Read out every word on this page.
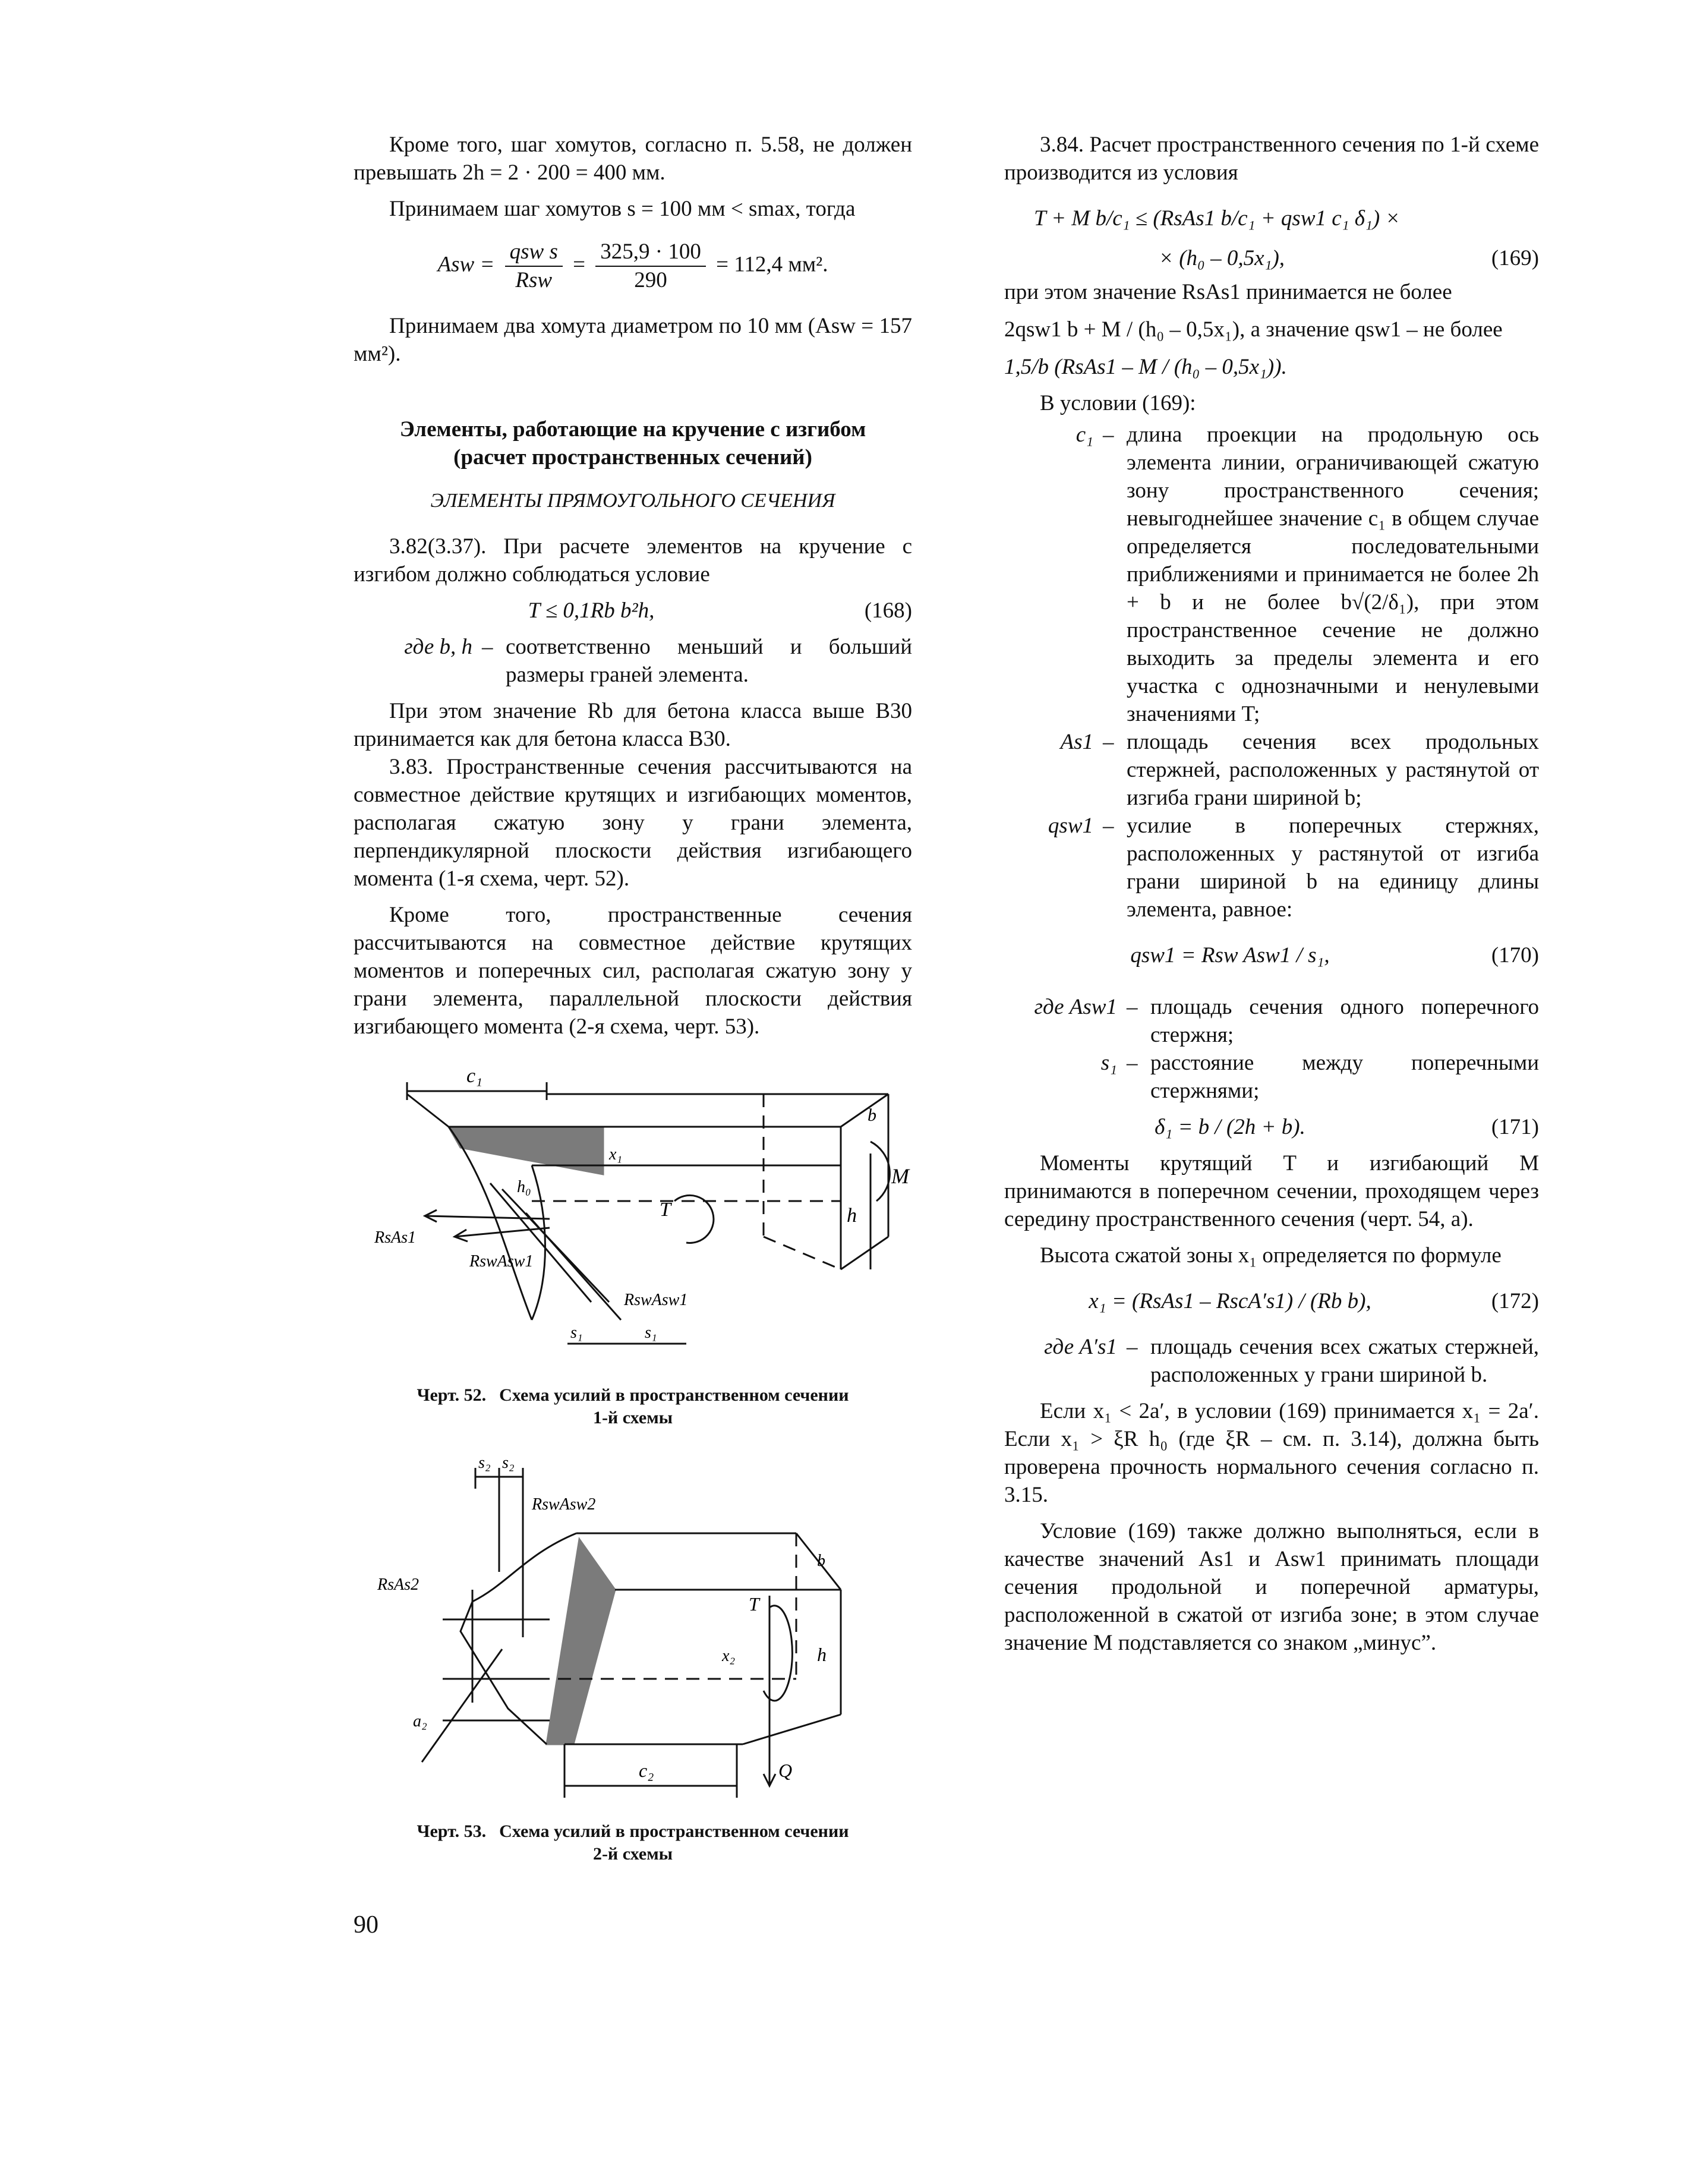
Кроме того, шаг хомутов, согласно п. 5.58, не должен превышать 2h = 2 · 200 = 400 мм.

Принимаем шаг хомутов s = 100 мм < smax, тогда

Asw = $\frac{\text{qsw s}}{\text{Rsw}} = \frac{325,9 \cdot 100}{290} = 112,4$ мм².

Принимаем два хомута диаметром по 10 мм (Asw = 157 мм²).

Элементы, работающие на кручение с изгибом

(расчет пространственных сечений)

ЭЛЕМЕНТЫ ПРЯМОУГОЛЬНОГО СЕЧЕНИЯ

3.82(3.37). При расчете элементов на кручение с изгибом должно соблюдаться условие

T ≤ 0,1Rb b²h,	(168)
где b, h – соответственно меньший и больший размеры граней элемента.

При этом значение Rb для бетона класса выше В30 принимается как для бетона класса В30.

3.83. Пространственные сечения рассчитываются на совместное действие крутящих и изгибающих моментов, располагая сжатую зону у грани элемента, перпендикулярной плоскости действия изгибающего момента (1-я схема, черт. 52).

Кроме того, пространственные сечения рассчитываются на совместное действие крутящих моментов и поперечных сил, располагая сжатую зону у грани элемента, параллельной плоскости действия изгибающего момента (2-я схема, черт. 53).

c₁
b
h₀
x₁
T
M
h
RsAs1
RswAsw1
RswAsw1
s₁	s₁
Черт. 52. Схема усилий в пространственном сечении
1-й схемы
s₂ s₂
RswAsw2
RsAs2
b
T
h
x₂
a₂
c₂	Q
Черт. 53. Схема усилий в пространственном сечении
2-й схемы

3.84. Расчет пространственного сечения по 1-й схеме производится из условия

T + M b/c₁ ≤ (RsAs1 b/c₁ + qsw1 c₁ δ₁) ×
× (h₀ – 0,5x₁),	(169)

при этом значение RsAs1 принимается не более

2qsw1 b + M / (h₀ – 0,5x₁), а значение qsw1 – не более

1,5/b (RsAs1 – M / (h₀ – 0,5x₁)).

В условии (169):

c₁ – длина проекции на продольную ось элемента линии, ограничивающей сжатую зону пространственного сечения; невыгоднейшее значение c₁ в общем случае определяется последовательными приближениями и принимается не более 2h + b и не более b√(2/δ₁), при этом пространственное сечение не должно выходить за пределы элемента и его участка с однозначными и ненулевыми значениями T;
As1 – площадь сечения всех продольных стержней, расположенных у растянутой от изгиба грани шириной b;
qsw1 – усилие в поперечных стержнях, расположенных у растянутой от изгиба грани шириной b на единицу длины элемента, равное:
qsw1 = Rsw Asw1 / s₁,	(170)
где Asw1 – площадь сечения одного поперечного стержня;
s₁ – расстояние между поперечными стержнями;
δ₁ = b / (2h + b).	(171)

Моменты крутящий T и изгибающий M принимаются в поперечном сечении, проходящем через середину пространственного сечения (черт. 54, а).

Высота сжатой зоны x₁ определяется по формуле

x₁ = (RsAs1 – RscA′s1) / (Rb b),	(172)
где A′s1 – площадь сечения всех сжатых стержней, расположенных у грани шириной b.

Если x₁ < 2a′, в условии (169) принимается x₁ = 2a′. Если x₁ > ξR h₀ (где ξR – см. п. 3.14), должна быть проверена прочность нормального сечения согласно п. 3.15.

Условие (169) также должно выполняться, если в качестве значений As1 и Asw1 принимать площади сечения продольной и поперечной арматуры, расположенной в сжатой от изгиба зоне; в этом случае значение M подставляется со знаком „минус”.

90
